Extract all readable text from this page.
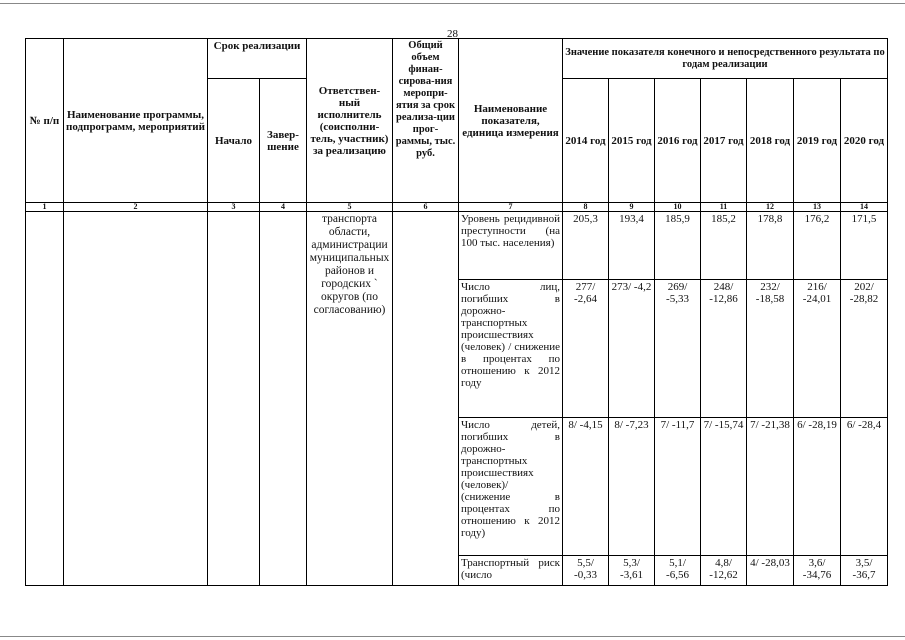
28
№ п/п	Наименование программы, подпрограмм, мероприятий	Срок реализации		Ответствен-ный исполнитель (соисполни-тель, участник) за реализацию	Общий объем финан-сирова-ния меропри-ятия за срок реализа-ции прог-раммы, тыс. руб.	Наименование показателя, единица измерения	Значение показателя конечного и непосредственного результата по годам реализации						
		Начало	Завер-шение				2014 год	2015 год	2016 год	2017 год	2018 год	2019 год	2020 год
1	2	3	4	5	6	7	8	9	10	11	12	13	14
				транспорта области, администрации муниципальных районов и городских ` округов (по согласованию)		Уровень рецидивной преступности (на 100 тыс. населения)	205,3	193,4	185,9	185,2	178,8	176,2	171,5
						Число лиц, погибших в дорожно-транспортных происшествиях (человек) / снижение в процентах по отношению к 2012 году	277/ -2,64	273/ -4,2	269/ -5,33	248/ -12,86	232/ -18,58	216/ -24,01	202/ -28,82
						Число детей, погибших в дорожно-транспортных происшествиях (человек)/ (снижение в процентах по отношению к 2012 году)	8/ -4,15	8/ -7,23	7/ -11,7	7/ -15,74	7/ -21,38	6/ -28,19	6/ -28,4
						Транспортный риск (число	5,5/ -0,33	5,3/ -3,61	5,1/ -6,56	4,8/ -12,62	4/ -28,03	3,6/ -34,76	3,5/ -36,7
